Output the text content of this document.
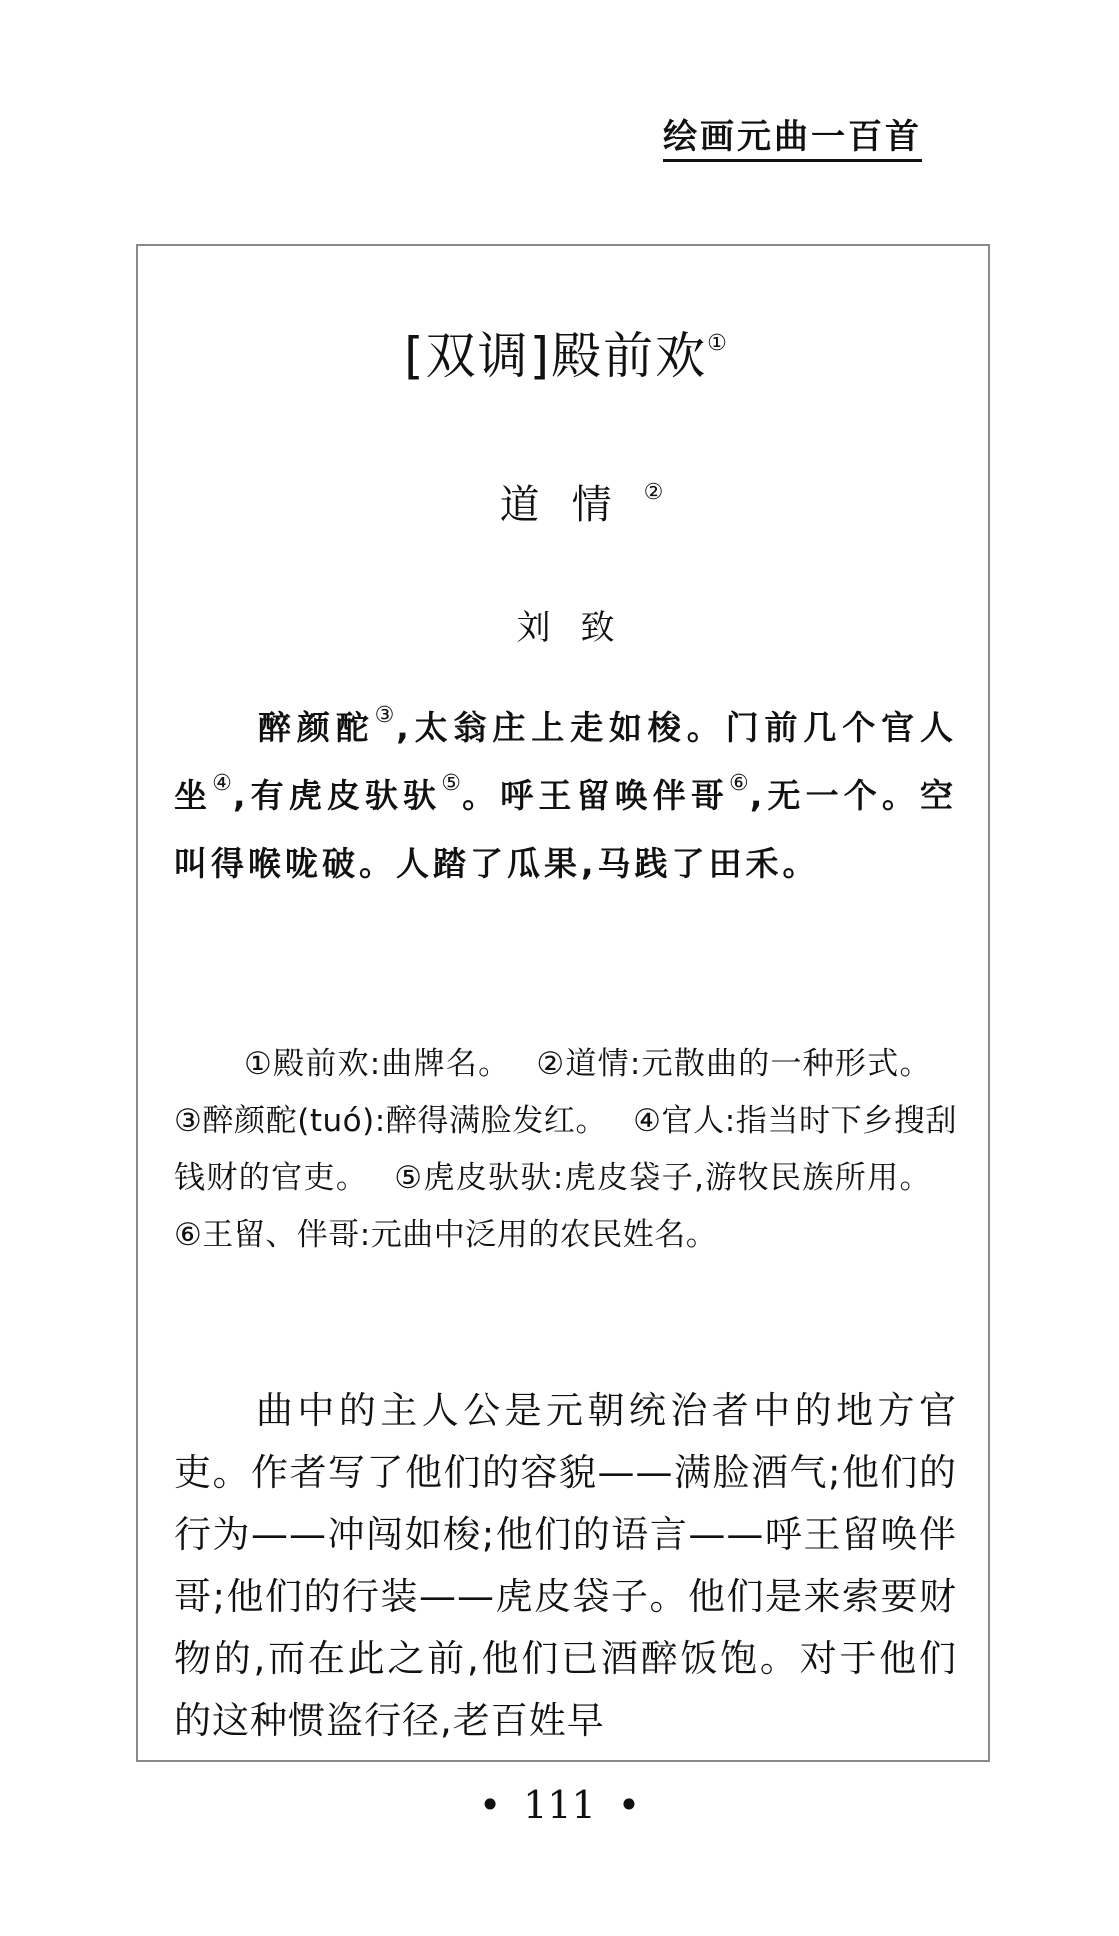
绘画元曲一百首
[双调]殿前欢①
道情②
刘致

醉颜酡③,太翁庄上走如梭。门前几个官人坐④,有虎皮驮驮⑤。呼王留唤伴哥⑥,无一个。空叫得喉咙破。人踏了瓜果,马践了田禾。

①殿前欢:曲牌名。 ②道情:元散曲的一种形式。③醉颜酡(tuó):醉得满脸发红。 ④官人:指当时下乡搜刮钱财的官吏。 ⑤虎皮驮驮:虎皮袋子,游牧民族所用。⑥王留、伴哥:元曲中泛用的农民姓名。

曲中的主人公是元朝统治者中的地方官吏。作者写了他们的容貌——满脸酒气;他们的行为——冲闯如梭;他们的语言——呼王留唤伴哥;他们的行装——虎皮袋子。他们是来索要财物的,而在此之前,他们已酒醉饭饱。对于他们的这种惯盗行径,老百姓早

• 111 •
